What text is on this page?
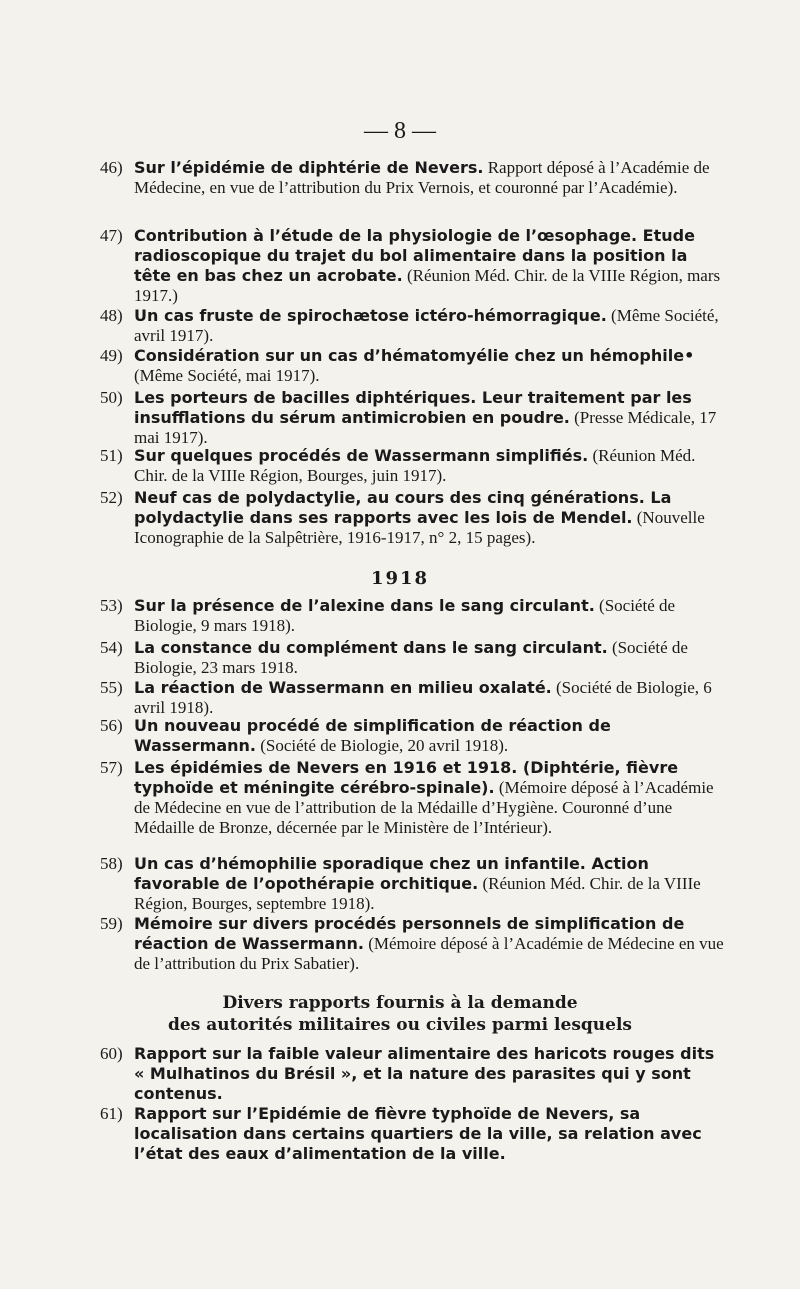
— 8 —
46) Sur l’épidémie de diphtérie de Nevers. Rapport déposé à l’Académie de Médecine, en vue de l’attribution du Prix Vernois, et couronné par l’Académie).
47) Contribution à l’étude de la physiologie de l’œsophage. Etude radioscopique du trajet du bol alimentaire dans la position la tête en bas chez un acrobate. (Réunion Méd. Chir. de la VIIIe Région, mars 1917.)
48) Un cas fruste de spirochætose ictéro-hémorragique. (Même Société, avril 1917).
49) Considération sur un cas d’hématomyélie chez un hémophile• (Même Société, mai 1917).
50) Les porteurs de bacilles diphtériques. Leur traitement par les insufflations du sérum antimicrobien en poudre. (Presse Médicale, 17 mai 1917).
51) Sur quelques procédés de Wassermann simplifiés. (Réunion Méd. Chir. de la VIIIe Région, Bourges, juin 1917).
52) Neuf cas de polydactylie, au cours des cinq générations. La polydactylie dans ses rapports avec les lois de Mendel. (Nouvelle Iconographie de la Salpêtrière, 1916-1917, n° 2, 15 pages).
1918
53) Sur la présence de l’alexine dans le sang circulant. (Société de Biologie, 9 mars 1918).
54) La constance du complément dans le sang circulant. (Société de Biologie, 23 mars 1918.
55) La réaction de Wassermann en milieu oxalaté. (Société de Biologie, 6 avril 1918).
56) Un nouveau procédé de simplification de réaction de Wassermann. (Société de Biologie, 20 avril 1918).
57) Les épidémies de Nevers en 1916 et 1918. (Diphtérie, fièvre typhoïde et méningite cérébro-spinale). (Mémoire déposé à l’Académie de Médecine en vue de l’attribution de la Médaille d’Hygiène. Couronné d’une Médaille de Bronze, décernée par le Ministère de l’Intérieur).
58) Un cas d’hémophilie sporadique chez un infantile. Action favorable de l’opothérapie orchitique. (Réunion Méd. Chir. de la VIIIe Région, Bourges, septembre 1918).
59) Mémoire sur divers procédés personnels de simplification de réaction de Wassermann. (Mémoire déposé à l’Académie de Médecine en vue de l’attribution du Prix Sabatier).
Divers rapports fournis à la demande
des autorités militaires ou civiles parmi lesquels
60) Rapport sur la faible valeur alimentaire des haricots rouges dits « Mulhatinos du Brésil », et la nature des parasites qui y sont contenus.
61) Rapport sur l’Epidémie de fièvre typhoïde de Nevers, sa localisation dans certains quartiers de la ville, sa relation avec l’état des eaux d’alimentation de la ville.
